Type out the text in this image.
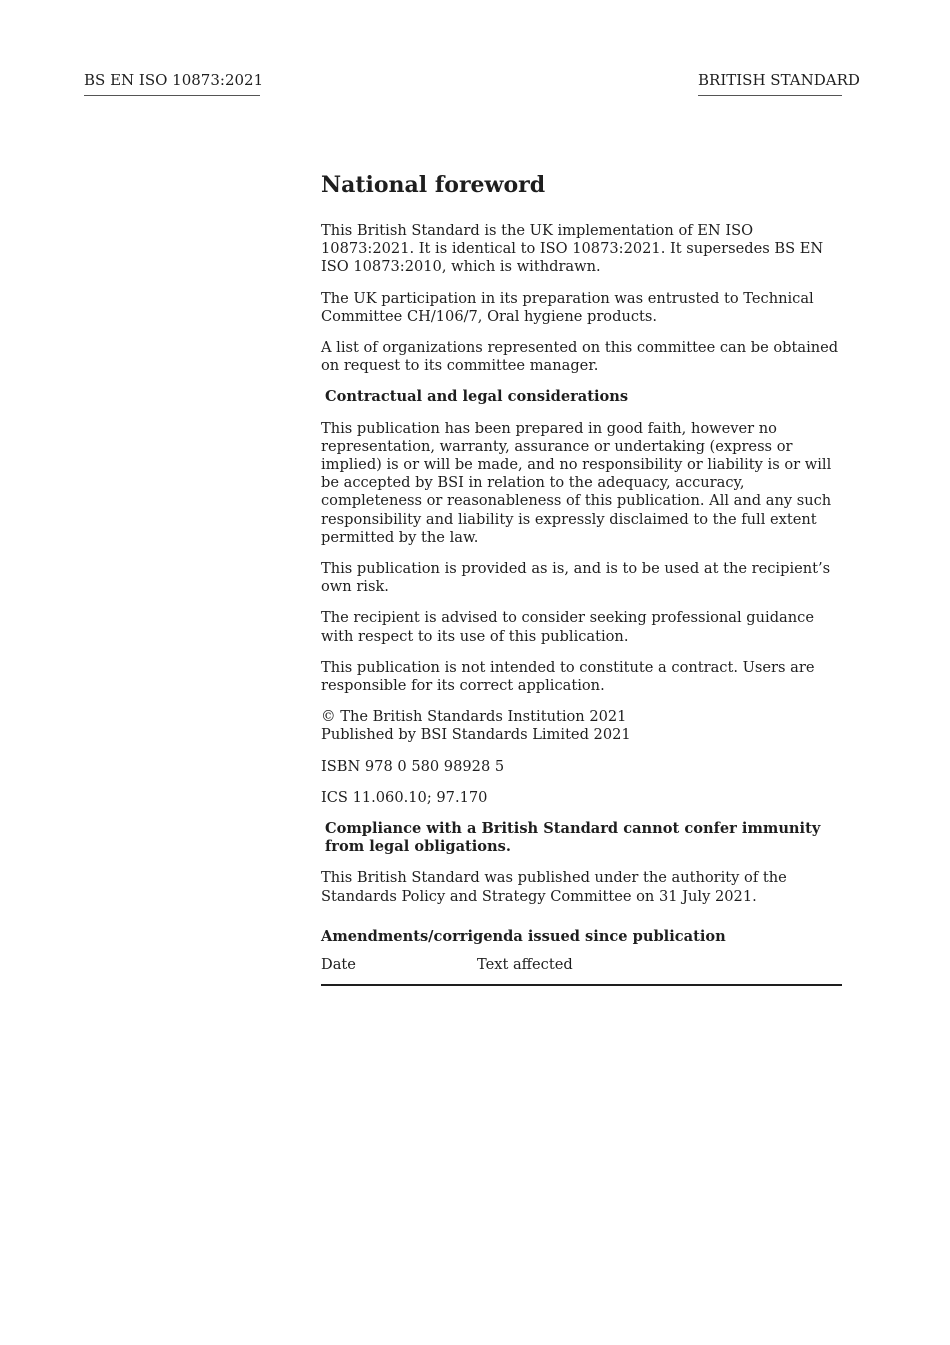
BS EN ISO 10873:2021	BRITISH STANDARD
National foreword

This British Standard is the UK implementation of EN ISO 10873:2021. It is identical to ISO 10873:2021. It supersedes BS EN ISO 10873:2010, which is withdrawn.

The UK participation in its preparation was entrusted to Technical Committee CH/106/7, Oral hygiene products.

A list of organizations represented on this committee can be obtained on request to its committee manager.

Contractual and legal considerations

This publication has been prepared in good faith, however no representation, warranty, assurance or undertaking (express or implied) is or will be made, and no responsibility or liability is or will be accepted by BSI in relation to the adequacy, accuracy, completeness or reasonableness of this publication. All and any such responsibility and liability is expressly disclaimed to the full extent permitted by the law.

This publication is provided as is, and is to be used at the recipient’s own risk.

The recipient is advised to consider seeking professional guidance with respect to its use of this publication.

This publication is not intended to constitute a contract. Users are responsible for its correct application.

© The British Standards Institution 2021
Published by BSI Standards Limited 2021

ISBN 978 0 580 98928 5

ICS 11.060.10; 97.170

Compliance with a British Standard cannot confer immunity from legal obligations.

This British Standard was published under the authority of the Standards Policy and Strategy Committee on 31 July 2021.

Amendments/corrigenda issued since publication
Date	Text affected
